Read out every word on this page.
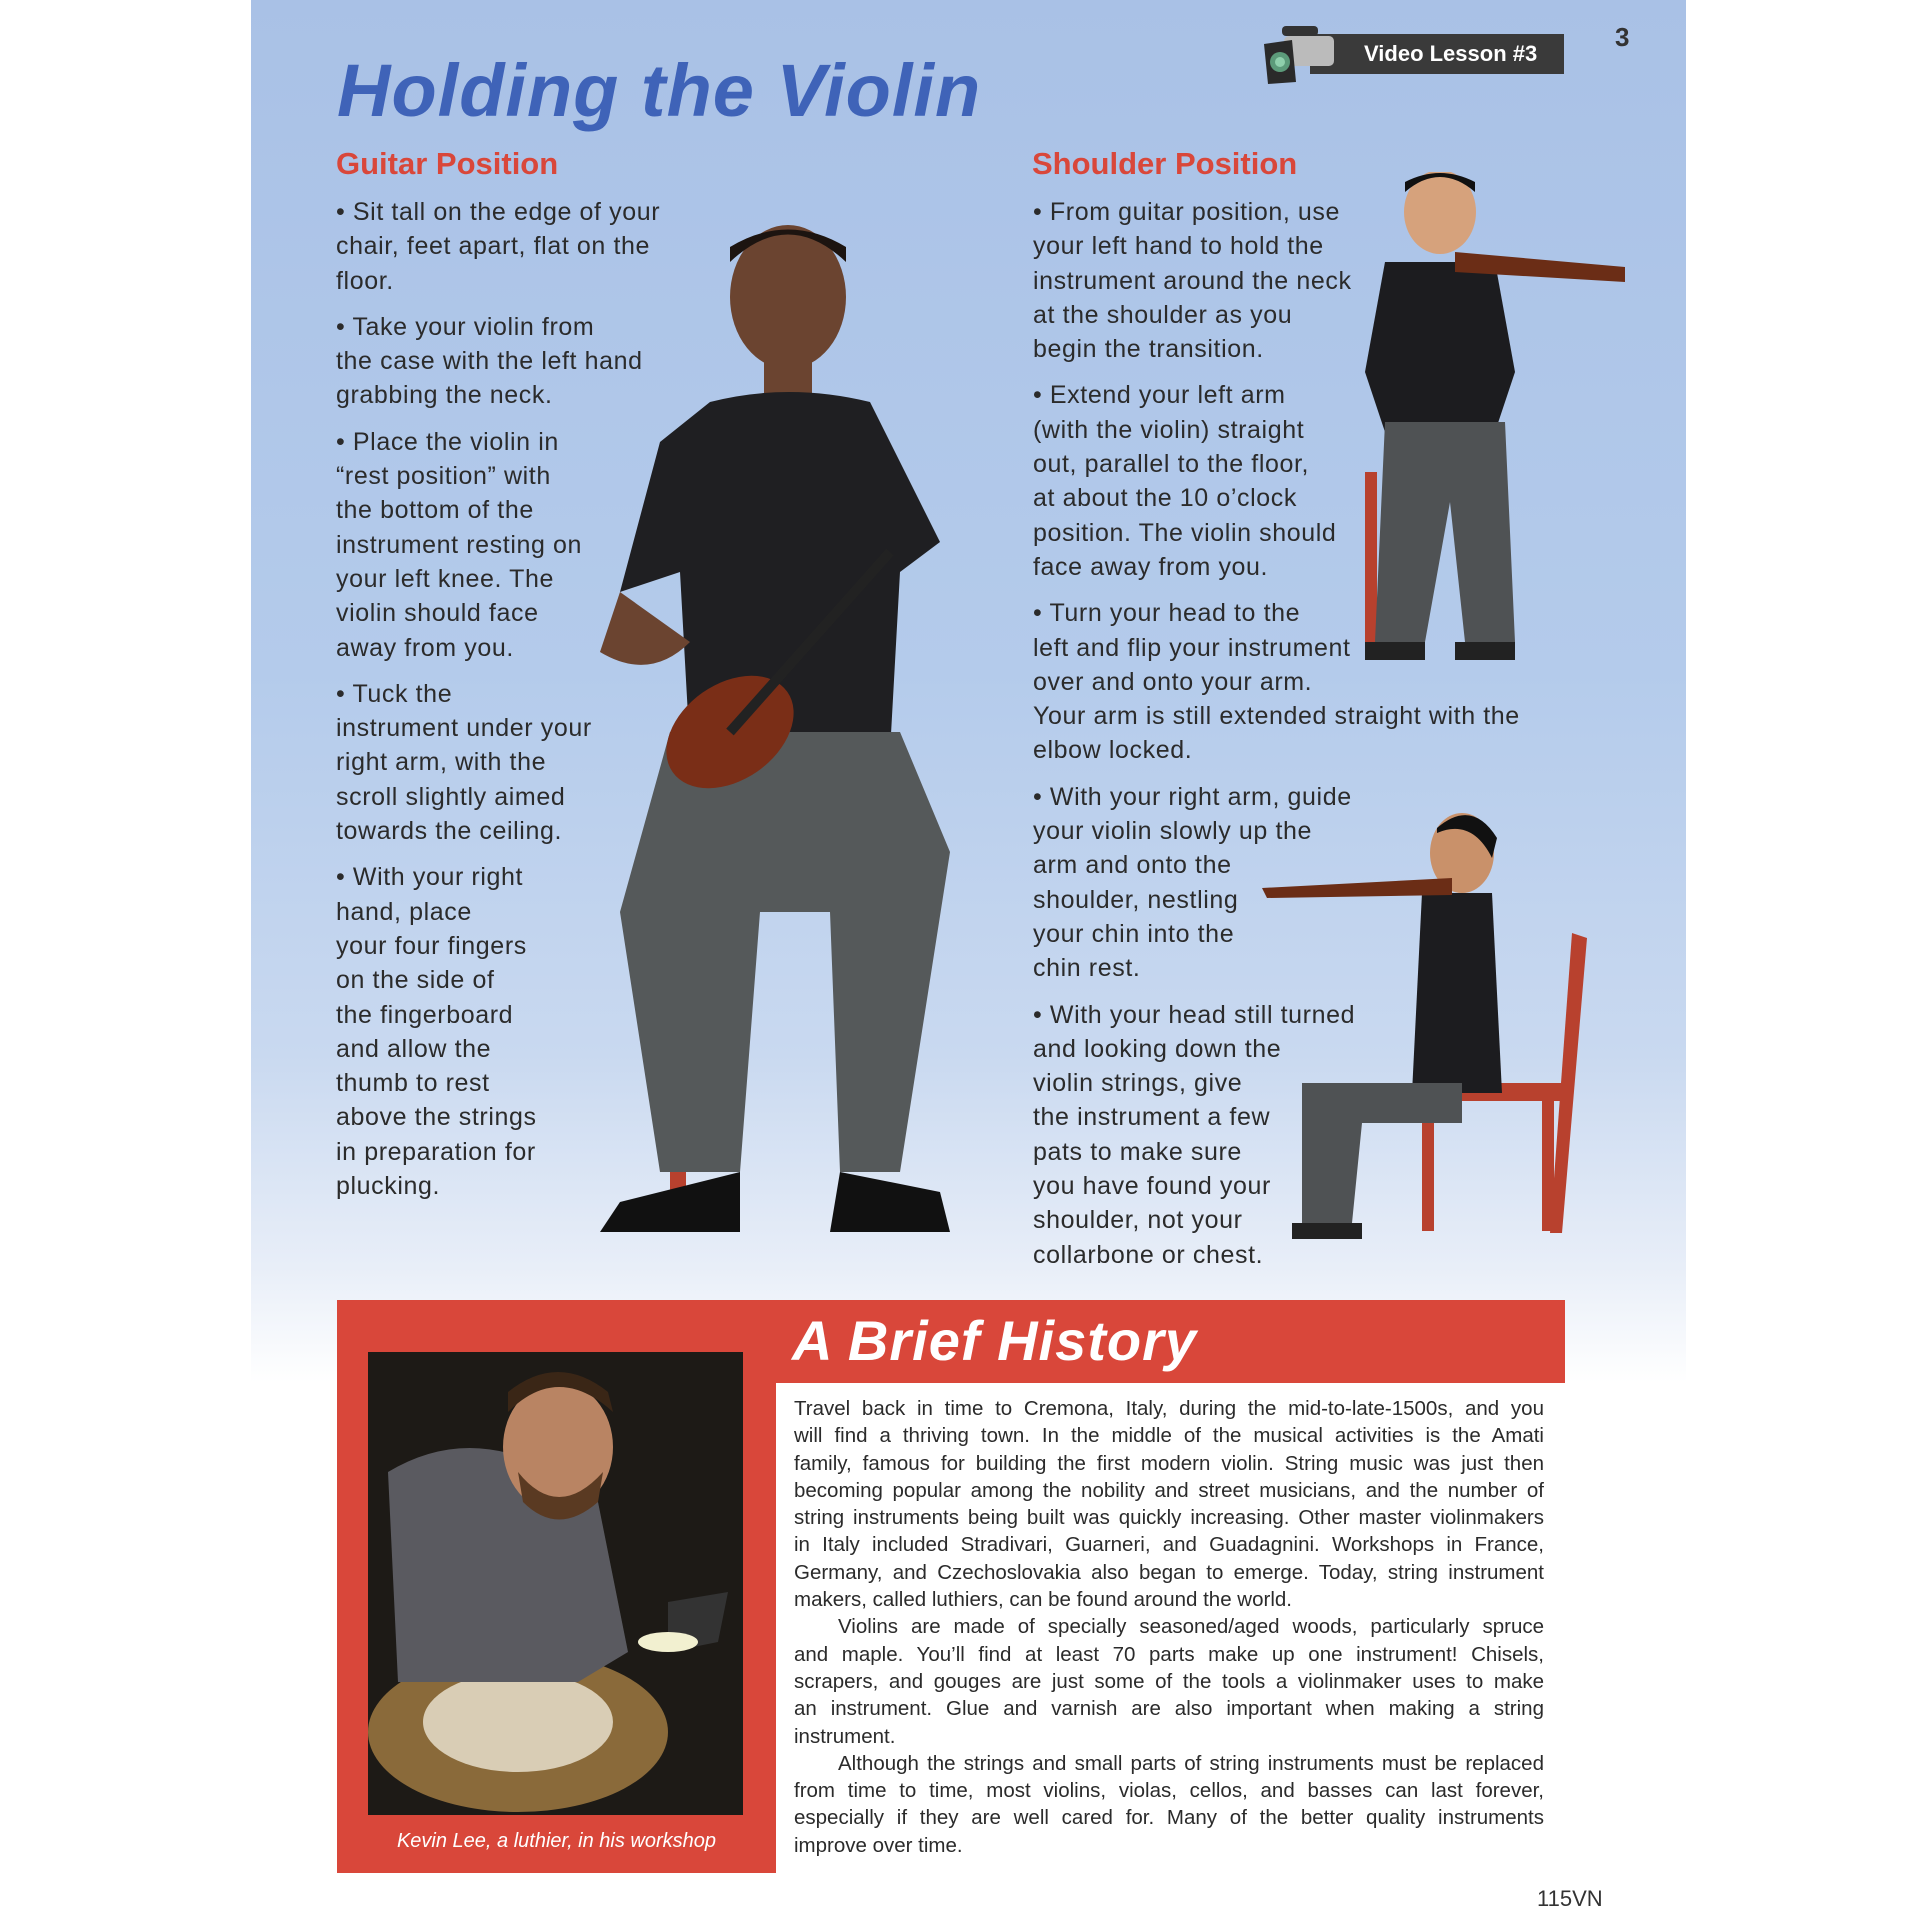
Holding the Violin	Video Lesson #3
3
Guitar Position
• Sit tall on the edge of your
chair, feet apart, flat on the
floor.
• Take your violin from
the case with the left hand
grabbing the neck.
• Place the violin in
“rest position” with
the bottom of the
instrument resting on
your left knee. The
violin should face
away from you.
• Tuck the
instrument under your
right arm, with the
scroll slightly aimed
towards the ceiling.
• With your right
hand, place
your four fingers
on the side of
the fingerboard
and allow the
thumb to rest
above the strings
in preparation for
plucking.
Shoulder Position
• From guitar position, use
your left hand to hold the
instrument around the neck
at the shoulder as you
begin the transition.
• Extend your left arm
(with the violin) straight
out, parallel to the floor,
at about the 10 o’clock
position. The violin should
face away from you.
• Turn your head to the
left and flip your instrument
over and onto your arm.
Your arm is still extended straight with the
elbow locked.
• With your right arm, guide
your violin slowly up the
arm and onto the
shoulder, nestling
your chin into the
chin rest.
• With your head still turned
and looking down the
violin strings, give
the instrument a few
pats to make sure
you have found your
shoulder, not your
collarbone or chest.
A Brief History
Kevin Lee, a luthier, in his workshop
Travel back in time to Cremona, Italy, during the mid-to-late-1500s, and you
will find a thriving town. In the middle of the musical activities is the Amati
family, famous for building the first modern violin. String music was just then
becoming popular among the nobility and street musicians, and the number of
string instruments being built was quickly increasing. Other master violinmakers
in Italy included Stradivari, Guarneri, and Guadagnini. Workshops in France,
Germany, and Czechoslovakia also began to emerge. Today, string instrument
makers, called luthiers, can be found around the world.
Violins are made of specially seasoned/aged woods, particularly spruce
and maple. You’ll find at least 70 parts make up one instrument! Chisels,
scrapers, and gouges are just some of the tools a violinmaker uses to make
an instrument. Glue and varnish are also important when making a string
instrument.
Although the strings and small parts of string instruments must be replaced
from time to time, most violins, violas, cellos, and basses can last forever,
especially if they are well cared for. Many of the better quality instruments
improve over time.
115VN
